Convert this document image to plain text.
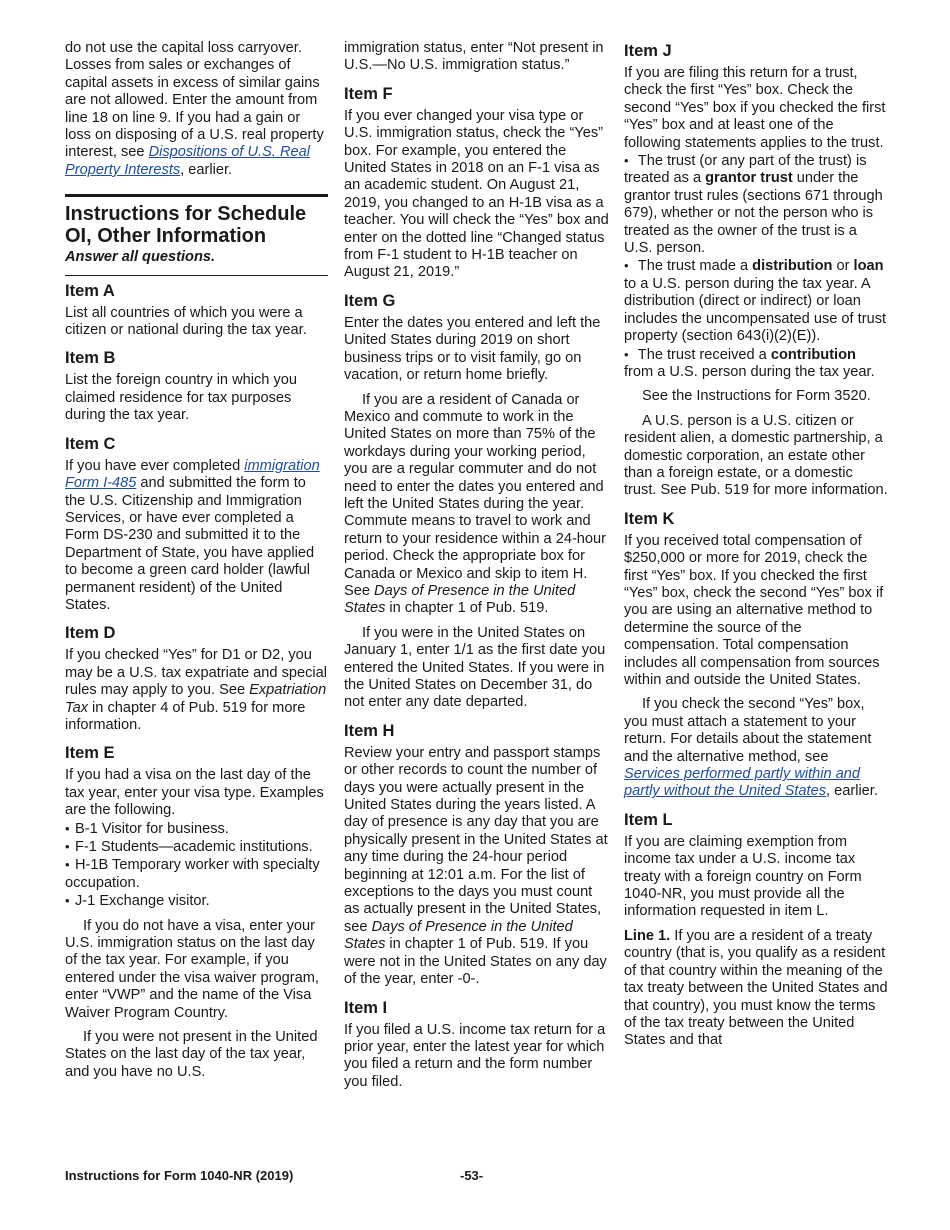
do not use the capital loss carryover. Losses from sales or exchanges of capital assets in excess of similar gains are not allowed. Enter the amount from line 18 on line 9. If you had a gain or loss on disposing of a U.S. real property interest, see Dispositions of U.S. Real Property Interests, earlier.

Instructions for Schedule OI, Other Information

Answer all questions.

Item A

List all countries of which you were a citizen or national during the tax year.

Item B

List the foreign country in which you claimed residence for tax purposes during the tax year.

Item C

If you have ever completed immigration Form I-485 and submitted the form to the U.S. Citizenship and Immigration Services, or have ever completed a Form DS-230 and submitted it to the Department of State, you have applied to become a green card holder (lawful permanent resident) of the United States.

Item D

If you checked “Yes” for D1 or D2, you may be a U.S. tax expatriate and special rules may apply to you. See Expatriation Tax in chapter 4 of Pub. 519 for more information.

Item E

If you had a visa on the last day of the tax year, enter your visa type. Examples are the following.

• B-1 Visitor for business.

• F-1 Students—academic institutions.

• H-1B Temporary worker with specialty occupation.

• J-1 Exchange visitor.

If you do not have a visa, enter your U.S. immigration status on the last day of the tax year. For example, if you entered under the visa waiver program, enter “VWP” and the name of the Visa Waiver Program Country.

If you were not present in the United States on the last day of the tax year, and you have no U.S.

immigration status, enter “Not present in U.S.—No U.S. immigration status.”

Item F

If you ever changed your visa type or U.S. immigration status, check the “Yes” box. For example, you entered the United States in 2018 on an F-1 visa as an academic student. On August 21, 2019, you changed to an H-1B visa as a teacher. You will check the “Yes” box and enter on the dotted line “Changed status from F-1 student to H-1B teacher on August 21, 2019.”

Item G

Enter the dates you entered and left the United States during 2019 on short business trips or to visit family, go on vacation, or return home briefly.

If you are a resident of Canada or Mexico and commute to work in the United States on more than 75% of the workdays during your working period, you are a regular commuter and do not need to enter the dates you entered and left the United States during the year. Commute means to travel to work and return to your residence within a 24-hour period. Check the appropriate box for Canada or Mexico and skip to item H. See Days of Presence in the United States in chapter 1 of Pub. 519.

If you were in the United States on January 1, enter 1/1 as the first date you entered the United States. If you were in the United States on December 31, do not enter any date departed.

Item H

Review your entry and passport stamps or other records to count the number of days you were actually present in the United States during the years listed. A day of presence is any day that you are physically present in the United States at any time during the 24-hour period beginning at 12:01 a.m. For the list of exceptions to the days you must count as actually present in the United States, see Days of Presence in the United States in chapter 1 of Pub. 519. If you were not in the United States on any day of the year, enter -0-.

Item I

If you filed a U.S. income tax return for a prior year, enter the latest year for which you filed a return and the form number you filed.

Item J

If you are filing this return for a trust, check the first “Yes” box. Check the second “Yes” box if you checked the first “Yes” box and at least one of the following statements applies to the trust.

• The trust (or any part of the trust) is treated as a grantor trust under the grantor trust rules (sections 671 through 679), whether or not the person who is treated as the owner of the trust is a U.S. person.

• The trust made a distribution or loan to a U.S. person during the tax year. A distribution (direct or indirect) or loan includes the uncompensated use of trust property (section 643(i)(2)(E)).

• The trust received a contribution from a U.S. person during the tax year.

See the Instructions for Form 3520.

A U.S. person is a U.S. citizen or resident alien, a domestic partnership, a domestic corporation, an estate other than a foreign estate, or a domestic trust. See Pub. 519 for more information.

Item K

If you received total compensation of $250,000 or more for 2019, check the first “Yes” box. If you checked the first “Yes” box, check the second “Yes” box if you are using an alternative method to determine the source of the compensation. Total compensation includes all compensation from sources within and outside the United States.

If you check the second “Yes” box, you must attach a statement to your return. For details about the statement and the alternative method, see Services performed partly within and partly without the United States, earlier.

Item L

If you are claiming exemption from income tax under a U.S. income tax treaty with a foreign country on Form 1040-NR, you must provide all the information requested in item L.

Line 1. If you are a resident of a treaty country (that is, you qualify as a resident of that country within the meaning of the tax treaty between the United States and that country), you must know the terms of the tax treaty between the United States and that

Instructions for Form 1040-NR (2019)	-53-
